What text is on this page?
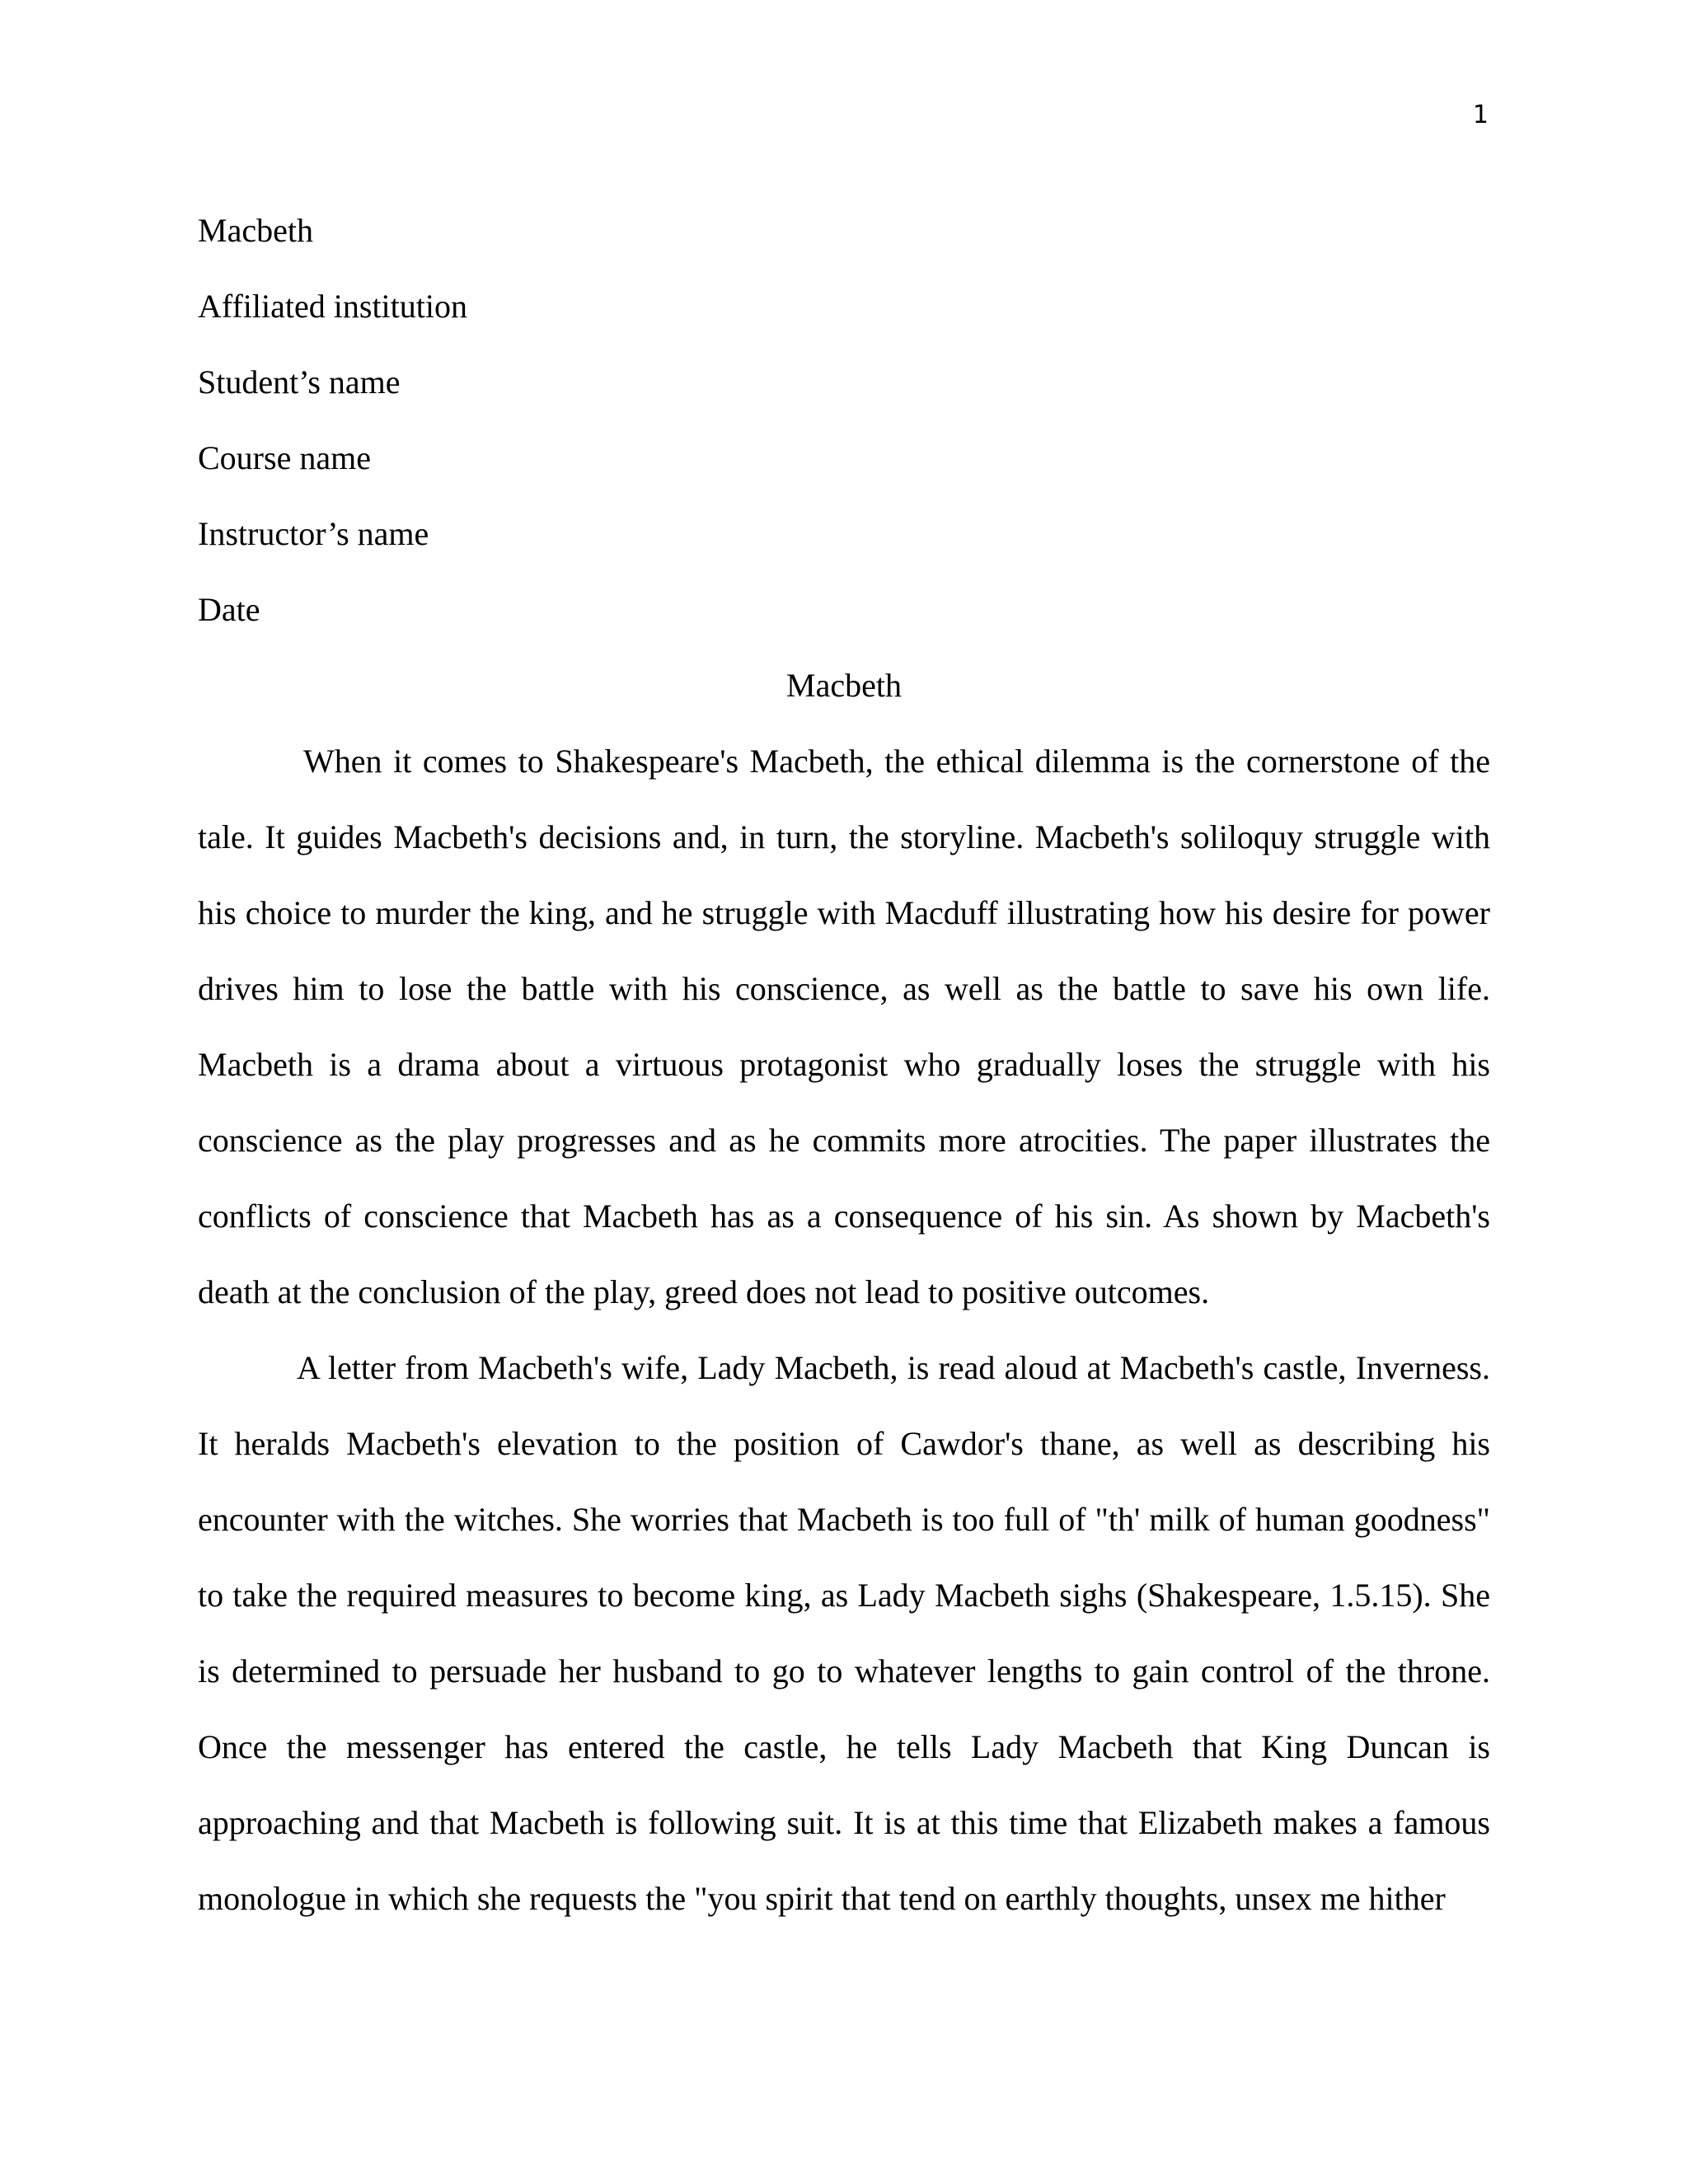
1
Macbeth
Affiliated institution
Student’s name
Course name
Instructor’s name
Date
Macbeth

When it comes to Shakespeare's Macbeth, the ethical dilemma is the cornerstone of the tale. It guides Macbeth's decisions and, in turn, the storyline. Macbeth's soliloquy struggle with his choice to murder the king, and he struggle with Macduff illustrating how his desire for power drives him to lose the battle with his conscience, as well as the battle to save his own life. Macbeth is a drama about a virtuous protagonist who gradually loses the struggle with his conscience as the play progresses and as he commits more atrocities. The paper illustrates the conflicts of conscience that Macbeth has as a consequence of his sin. As shown by Macbeth's death at the conclusion of the play, greed does not lead to positive outcomes.

A letter from Macbeth's wife, Lady Macbeth, is read aloud at Macbeth's castle, Inverness. It heralds Macbeth's elevation to the position of Cawdor's thane, as well as describing his encounter with the witches. She worries that Macbeth is too full of "th' milk of human goodness" to take the required measures to become king, as Lady Macbeth sighs (Shakespeare, 1.5.15). She is determined to persuade her husband to go to whatever lengths to gain control of the throne. Once the messenger has entered the castle, he tells Lady Macbeth that King Duncan is approaching and that Macbeth is following suit. It is at this time that Elizabeth makes a famous monologue in which she requests the "you spirit that tend on earthly thoughts, unsex me hither
